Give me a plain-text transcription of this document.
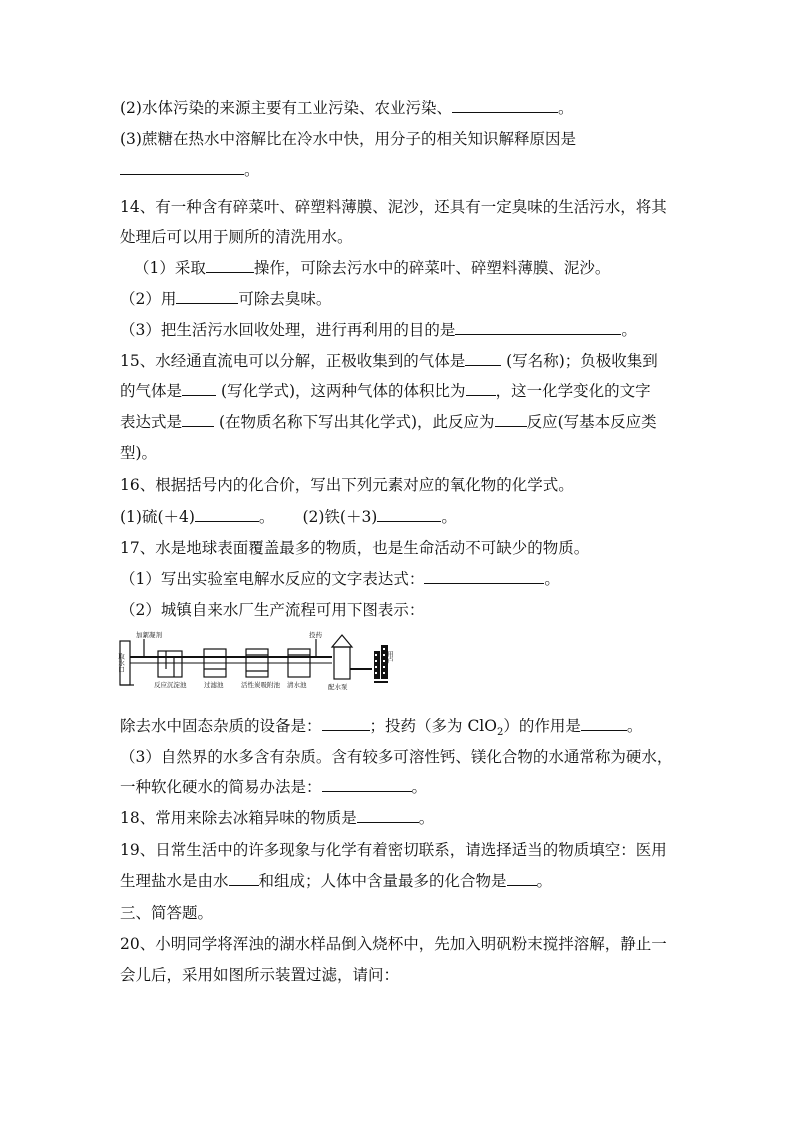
(2)水体污染的来源主要有工业污染、农业污染、	。
(3)蔗糖在热水中溶解比在冷水中快，用分子的相关知识解释原因是
。
14、有一种含有碎菜叶、碎塑料薄膜、泥沙，还具有一定臭味的生活污水，将其
处理后可以用于厕所的清洗用水。
（1）采取	操作，可除去污水中的碎菜叶、碎塑料薄膜、泥沙。
（2）用	可除去臭味。
（3）把生活污水回收处理，进行再利用的目的是	。
15、水经通直流电可以分解，正极收集到的气体是	(写名称)；负极收集到
的气体是	(写化学式)，这两种气体的体积比为 ，这一化学变化的文字
表达式是 (在物质名称下写出其化学式)，此反应为 反应(写基本反应类
型)。
16、根据括号内的化合价，写出下列元素对应的氧化物的化学式。
(1)硫(＋4)	。 (2)铁(＋3)	。
17、水是地球表面覆盖最多的物质，也是生命活动不可缺少的物质。
（1）写出实验室电解水反应的文字表达式：	。
（2）城镇自来水厂生产流程可用下图表示：
取水口
加絮凝剂
反应沉淀池	过滤池	活性炭吸附池 清水池
投药
配水泵
用户
除去水中固态杂质的设备是：	；投药（多为 ClO$_2$）的作用是	。
（3）自然界的水多含有杂质。含有较多可溶性钙、镁化合物的水通常称为硬水，
一种软化硬水的简易办法是：	。
18、常用来除去冰箱异味的物质是	。
19、日常生活中的许多现象与化学有着密切联系，请选择适当的物质填空：医用
生理盐水是由水 和组成；人体中含量最多的化合物是 。
三、简答题。
20、小明同学将浑浊的湖水样品倒入烧杯中，先加入明矾粉末搅拌溶解，静止一
会儿后，采用如图所示装置过滤，请问：
